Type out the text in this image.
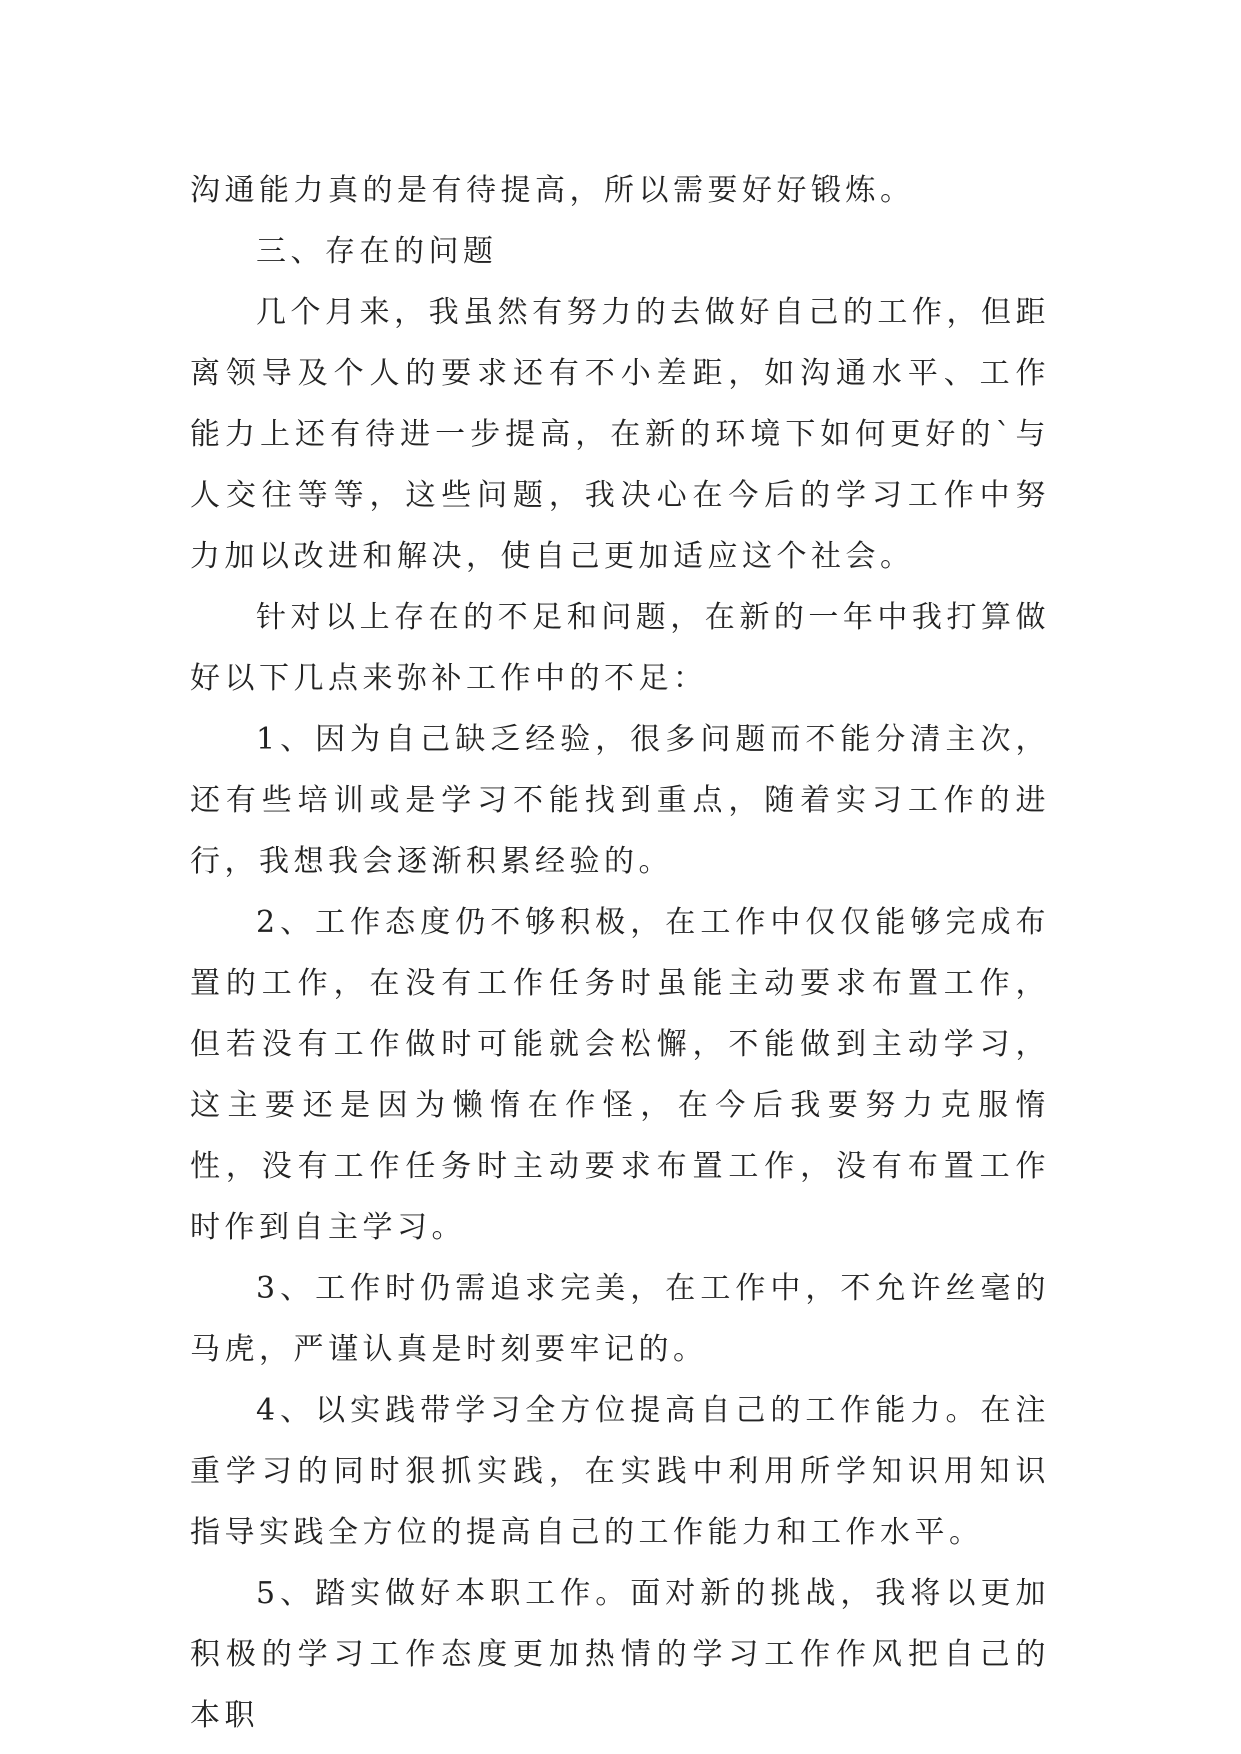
沟通能力真的是有待提高，所以需要好好锻炼。

三、存在的问题

几个月来，我虽然有努力的去做好自己的工作，但距离领导及个人的要求还有不小差距，如沟通水平、工作能力上还有待进一步提高，在新的环境下如何更好的`与人交往等等，这些问题，我决心在今后的学习工作中努力加以改进和解决，使自己更加适应这个社会。

针对以上存在的不足和问题，在新的一年中我打算做好以下几点来弥补工作中的不足：

1、因为自己缺乏经验，很多问题而不能分清主次，还有些培训或是学习不能找到重点，随着实习工作的进行，我想我会逐渐积累经验的。

2、工作态度仍不够积极，在工作中仅仅能够完成布置的工作，在没有工作任务时虽能主动要求布置工作，但若没有工作做时可能就会松懈，不能做到主动学习，这主要还是因为懒惰在作怪，在今后我要努力克服惰性，没有工作任务时主动要求布置工作，没有布置工作时作到自主学习。

3、工作时仍需追求完美，在工作中，不允许丝毫的马虎，严谨认真是时刻要牢记的。

4、以实践带学习全方位提高自己的工作能力。在注重学习的同时狠抓实践，在实践中利用所学知识用知识指导实践全方位的提高自己的工作能力和工作水平。

5、踏实做好本职工作。面对新的挑战，我将以更加积极的学习工作态度更加热情的学习工作作风把自己的本职
